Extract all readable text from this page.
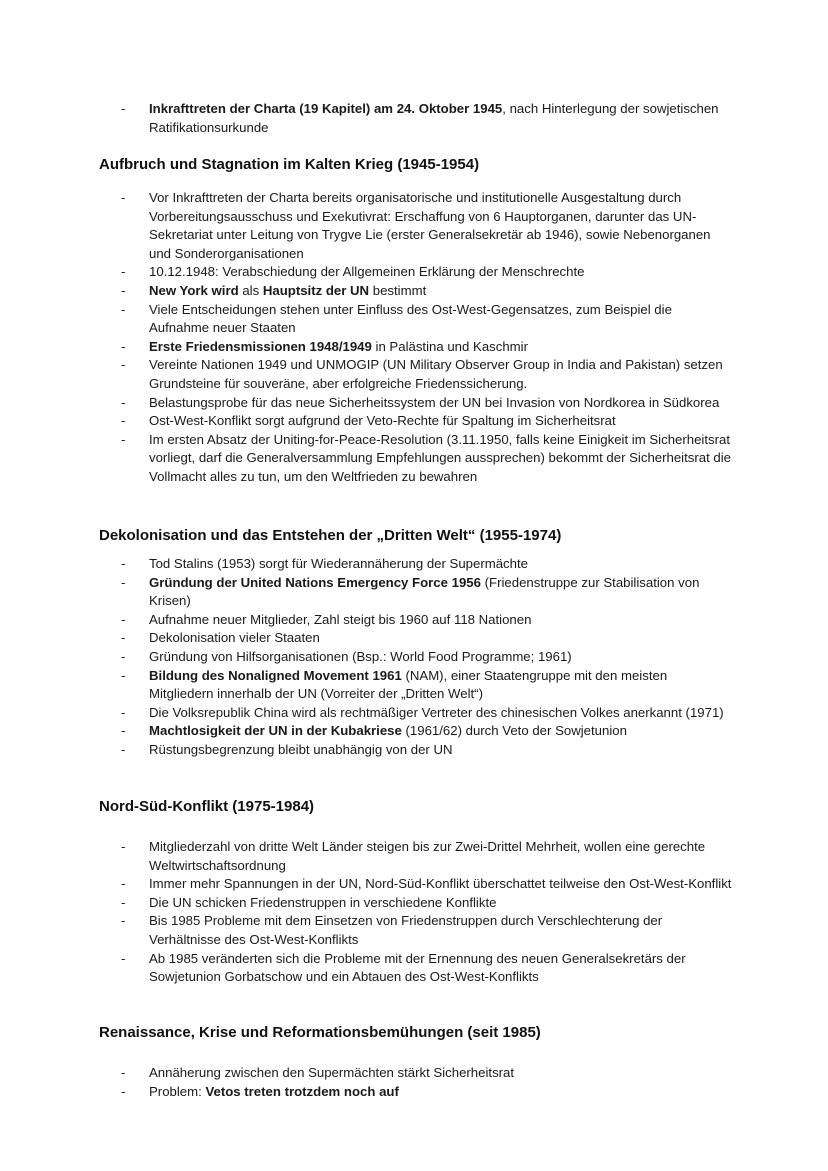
- Inkrafttreten der Charta (19 Kapitel) am 24. Oktober 1945, nach Hinterlegung der sowjetischen Ratifikationsurkunde
Aufbruch und Stagnation im Kalten Krieg (1945-1954)
- Vor Inkrafttreten der Charta bereits organisatorische und institutionelle Ausgestaltung durch Vorbereitungsausschuss und Exekutivrat: Erschaffung von 6 Hauptorganen, darunter das UN-Sekretariat unter Leitung von Trygve Lie (erster Generalsekretär ab 1946), sowie Nebenorganen und Sonderorganisationen
- 10.12.1948: Verabschiedung der Allgemeinen Erklärung der Menschrechte
- New York wird als Hauptsitz der UN bestimmt
- Viele Entscheidungen stehen unter Einfluss des Ost-West-Gegensatzes, zum Beispiel die Aufnahme neuer Staaten
- Erste Friedensmissionen 1948/1949 in Palästina und Kaschmir
- Vereinte Nationen 1949 und UNMOGIP (UN Military Observer Group in India and Pakistan) setzen Grundsteine für souveräne, aber erfolgreiche Friedenssicherung.
- Belastungsprobe für das neue Sicherheitssystem der UN bei Invasion von Nordkorea in Südkorea
- Ost-West-Konflikt sorgt aufgrund der Veto-Rechte für Spaltung im Sicherheitsrat
- Im ersten Absatz der Uniting-for-Peace-Resolution (3.11.1950, falls keine Einigkeit im Sicherheitsrat vorliegt, darf die Generalversammlung Empfehlungen aussprechen) bekommt der Sicherheitsrat die Vollmacht alles zu tun, um den Weltfrieden zu bewahren
Dekolonisation und das Entstehen der „Dritten Welt“ (1955-1974)
- Tod Stalins (1953) sorgt für Wiederannäherung der Supermächte
- Gründung der United Nations Emergency Force 1956 (Friedenstruppe zur Stabilisation von Krisen)
- Aufnahme neuer Mitglieder, Zahl steigt bis 1960 auf 118 Nationen
- Dekolonisation vieler Staaten
- Gründung von Hilfsorganisationen (Bsp.: World Food Programme; 1961)
- Bildung des Nonaligned Movement 1961 (NAM), einer Staatengruppe mit den meisten Mitgliedern innerhalb der UN (Vorreiter der „Dritten Welt“)
- Die Volksrepublik China wird als rechtmäßiger Vertreter des chinesischen Volkes anerkannt (1971)
- Machtlosigkeit der UN in der Kubakriese (1961/62) durch Veto der Sowjetunion
- Rüstungsbegrenzung bleibt unabhängig von der UN
Nord-Süd-Konflikt (1975-1984)
- Mitgliederzahl von dritte Welt Länder steigen bis zur Zwei-Drittel Mehrheit, wollen eine gerechte Weltwirtschaftsordnung
- Immer mehr Spannungen in der UN, Nord-Süd-Konflikt überschattet teilweise den Ost-West-Konflikt
- Die UN schicken Friedenstruppen in verschiedene Konflikte
- Bis 1985 Probleme mit dem Einsetzen von Friedenstruppen durch Verschlechterung der Verhältnisse des Ost-West-Konflikts
- Ab 1985 veränderten sich die Probleme mit der Ernennung des neuen Generalsekretärs der Sowjetunion Gorbatschow und ein Abtauen des Ost-West-Konflikts
Renaissance, Krise und Reformationsbemühungen (seit 1985)
- Annäherung zwischen den Supermächten stärkt Sicherheitsrat
- Problem: Vetos treten trotzdem noch auf
